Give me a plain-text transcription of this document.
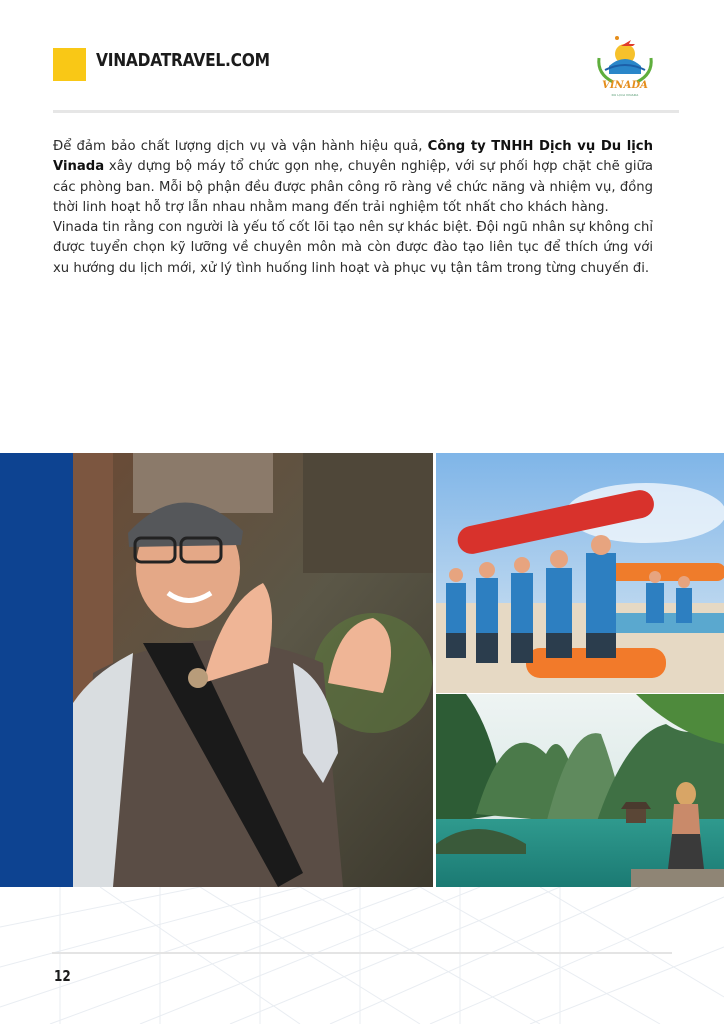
VINADATRAVEL.COM
VINADA
DU LỊCH VINADA

Để đảm bảo chất lượng dịch vụ và vận hành hiệu quả, Công ty TNHH Dịch vụ Du lịch Vinada xây dựng bộ máy tổ chức gọn nhẹ, chuyên nghiệp, với sự phối hợp chặt chẽ giữa các phòng ban. Mỗi bộ phận đều được phân công rõ ràng về chức năng và nhiệm vụ, đồng thời linh hoạt hỗ trợ lẫn nhau nhằm mang đến trải nghiệm tốt nhất cho khách hàng.

Vinada tin rằng con người là yếu tố cốt lõi tạo nên sự khác biệt. Đội ngũ nhân sự không chỉ được tuyển chọn kỹ lưỡng về chuyên môn mà còn được đào tạo liên tục để thích ứng với xu hướng du lịch mới, xử lý tình huống linh hoạt và phục vụ tận tâm trong từng chuyến đi.

12
